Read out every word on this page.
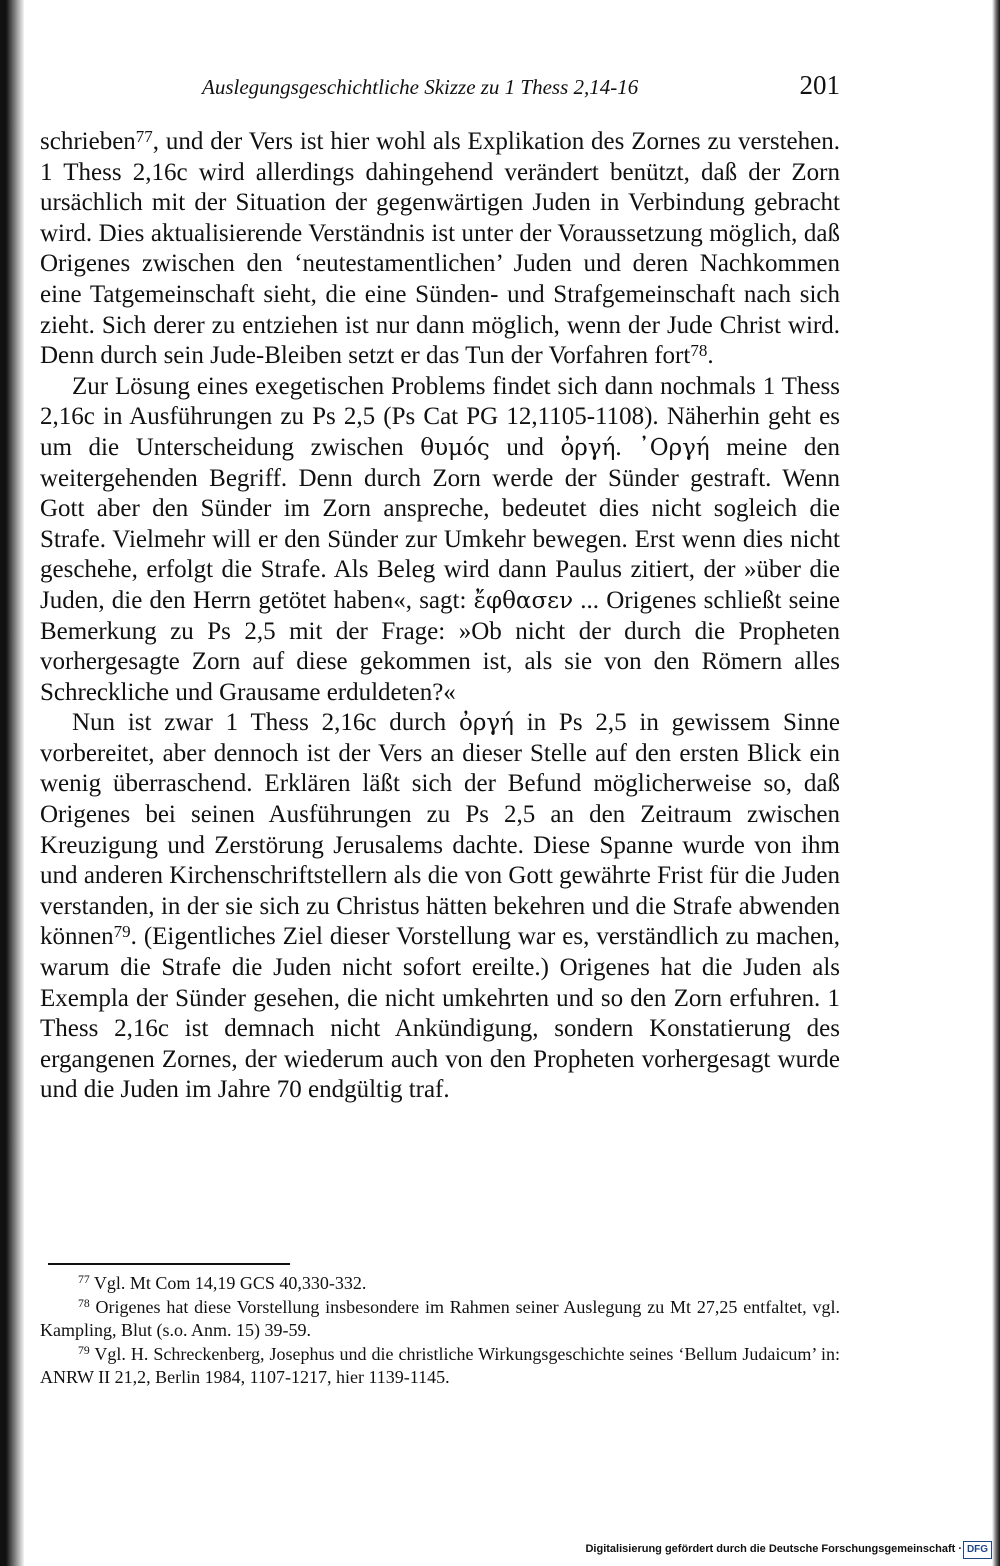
Auslegungsgeschichtliche Skizze zu 1 Thess 2,14-16	201

schrieben$^{77}$, und der Vers ist hier wohl als Explikation des Zornes zu verstehen. 1 Thess 2,16c wird allerdings dahingehend verändert benützt, daß der Zorn ursächlich mit der Situation der gegenwärtigen Juden in Verbindung gebracht wird. Dies aktualisierende Verständnis ist unter der Voraussetzung möglich, daß Origenes zwischen den ‘neutestamentlichen’ Juden und deren Nachkommen eine Tatgemeinschaft sieht, die eine Sünden- und Strafgemeinschaft nach sich zieht. Sich derer zu entziehen ist nur dann möglich, wenn der Jude Christ wird. Denn durch sein Jude-Bleiben setzt er das Tun der Vorfahren fort$^{78}$.

Zur Lösung eines exegetischen Problems findet sich dann nochmals 1 Thess 2,16c in Ausführungen zu Ps 2,5 (Ps Cat PG 12,1105-1108). Näherhin geht es um die Unterscheidung zwischen θυμός und ὀργή. ᾿Οργή meine den weitergehenden Begriff. Denn durch Zorn werde der Sünder gestraft. Wenn Gott aber den Sünder im Zorn anspreche, bedeutet dies nicht sogleich die Strafe. Vielmehr will er den Sünder zur Umkehr bewegen. Erst wenn dies nicht geschehe, erfolgt die Strafe. Als Beleg wird dann Paulus zitiert, der »über die Juden, die den Herrn getötet haben«, sagt: ἔφθασεν ... Origenes schließt seine Bemerkung zu Ps 2,5 mit der Frage: »Ob nicht der durch die Propheten vorhergesagte Zorn auf diese gekommen ist, als sie von den Römern alles Schreckliche und Grausame erduldeten?«

Nun ist zwar 1 Thess 2,16c durch ὀργή in Ps 2,5 in gewissem Sinne vorbereitet, aber dennoch ist der Vers an dieser Stelle auf den ersten Blick ein wenig überraschend. Erklären läßt sich der Befund möglicherweise so, daß Origenes bei seinen Ausführungen zu Ps 2,5 an den Zeitraum zwischen Kreuzigung und Zerstörung Jerusalems dachte. Diese Spanne wurde von ihm und anderen Kirchenschriftstellern als die von Gott gewährte Frist für die Juden verstanden, in der sie sich zu Christus hätten bekehren und die Strafe abwenden können$^{79}$. (Eigentliches Ziel dieser Vorstellung war es, verständlich zu machen, warum die Strafe die Juden nicht sofort ereilte.) Origenes hat die Juden als Exempla der Sünder gesehen, die nicht umkehrten und so den Zorn erfuhren. 1 Thess 2,16c ist demnach nicht Ankündigung, sondern Konstatierung des ergangenen Zornes, der wiederum auch von den Propheten vorhergesagt wurde und die Juden im Jahre 70 endgültig traf.

$^{77}$ Vgl. Mt Com 14,19 GCS 40,330-332.

$^{78}$ Origenes hat diese Vorstellung insbesondere im Rahmen seiner Auslegung zu Mt 27,25 entfaltet, vgl. Kampling, Blut (s.o. Anm. 15) 39-59.

$^{79}$ Vgl. H. Schreckenberg, Josephus und die christliche Wirkungsgeschichte seines ‘Bellum Judaicum’ in: ANRW II 21,2, Berlin 1984, 1107-1217, hier 1139-1145.

Digitalisierung gefördert durch die Deutsche Forschungsgemeinschaft · DFG
